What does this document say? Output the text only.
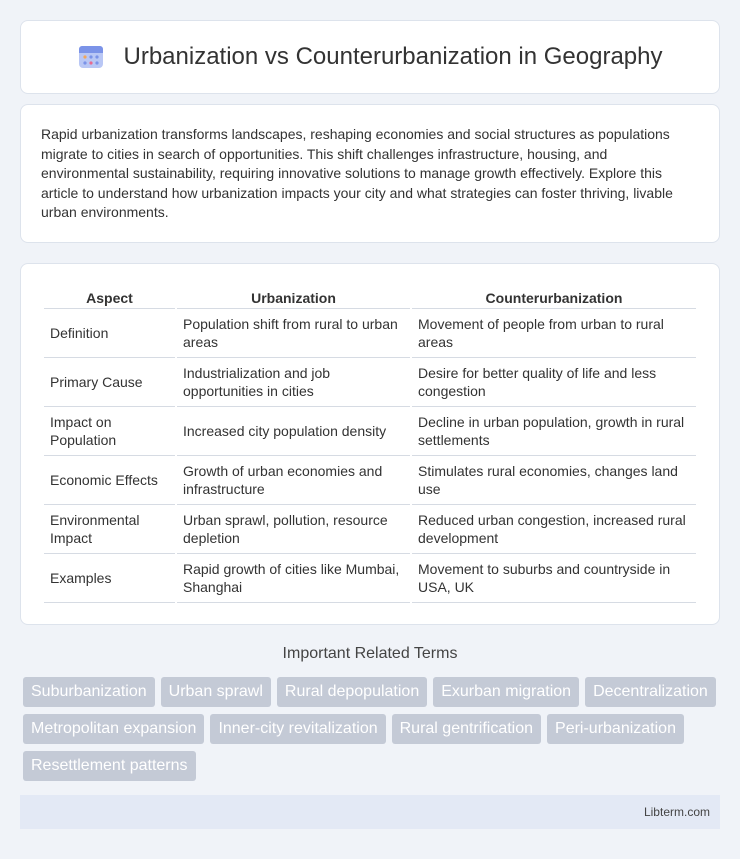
Urbanization vs Counterurbanization in Geography

Rapid urbanization transforms landscapes, reshaping economies and social structures as populations migrate to cities in search of opportunities. This shift challenges infrastructure, housing, and environmental sustainability, requiring innovative solutions to manage growth effectively. Explore this article to understand how urbanization impacts your city and what strategies can foster thriving, livable urban environments.

Aspect	Urbanization	Counterurbanization
Definition	Population shift from rural to urban areas	Movement of people from urban to rural areas
Primary Cause	Industrialization and job opportunities in cities	Desire for better quality of life and less congestion
Impact on Population	Increased city population density	Decline in urban population, growth in rural settlements
Economic Effects	Growth of urban economies and infrastructure	Stimulates rural economies, changes land use
Environmental Impact	Urban sprawl, pollution, resource depletion	Reduced urban congestion, increased rural development
Examples	Rapid growth of cities like Mumbai, Shanghai	Movement to suburbs and countryside in USA, UK
Important Related Terms
Suburbanization	Urban sprawl	Rural depopulation	Exurban migration	Decentralization
Metropolitan expansion	Inner-city revitalization	Rural gentrification	Peri-urbanization
Resettlement patterns
Libterm.com
